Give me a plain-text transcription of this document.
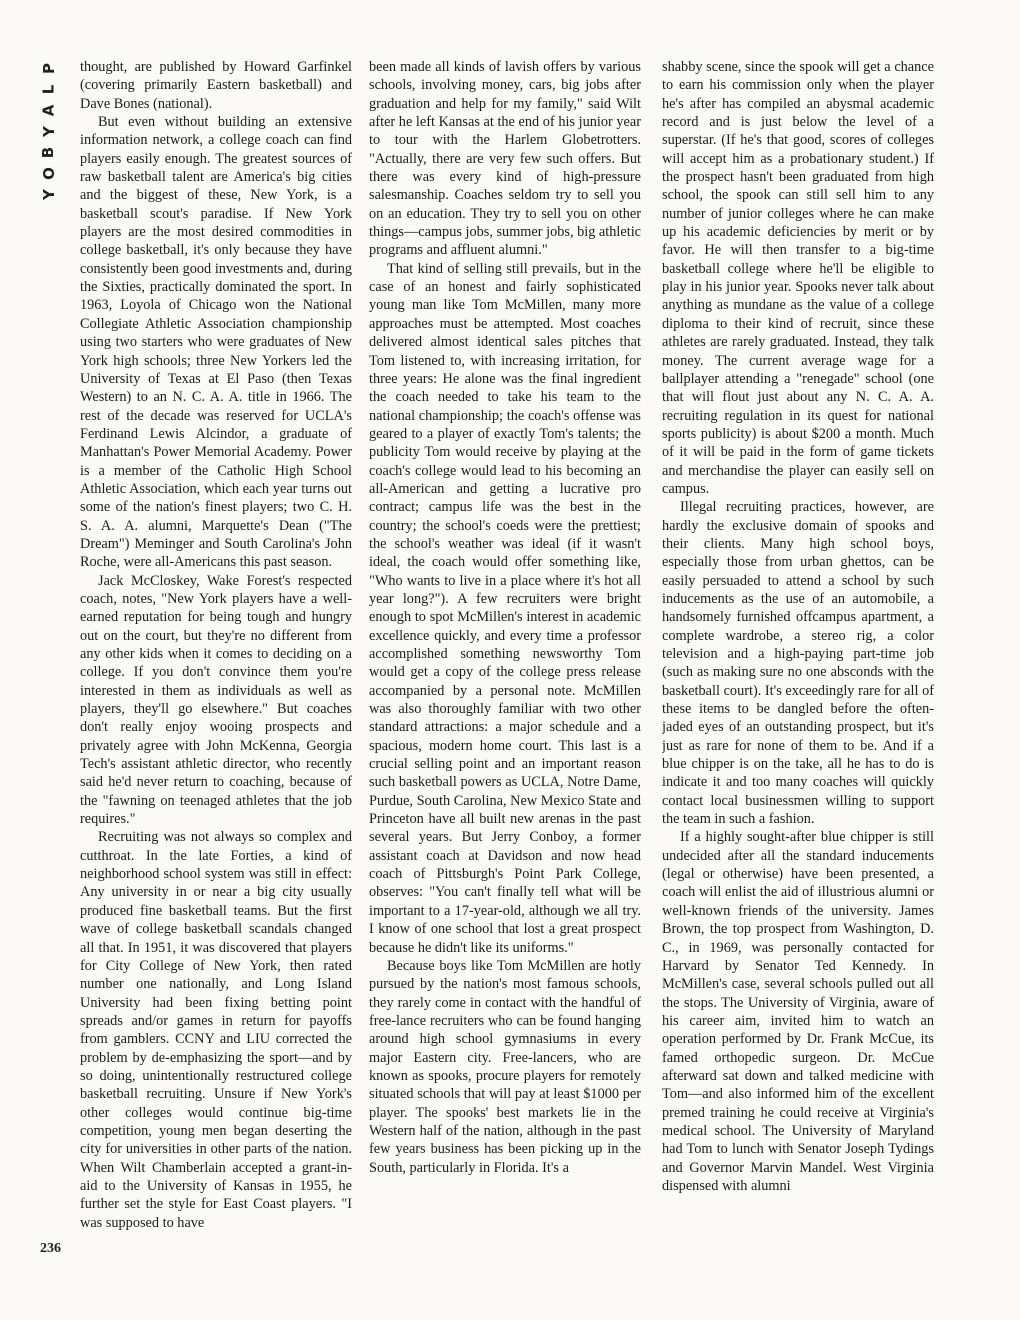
P
L
A
Y
B
O
Y

thought, are published by Howard Garfinkel (covering primarily Eastern basketball) and Dave Bones (national).

But even without building an extensive information network, a college coach can find players easily enough. The greatest sources of raw basketball talent are America's big cities and the biggest of these, New York, is a basketball scout's paradise. If New York players are the most desired commodities in college basketball, it's only because they have consistently been good investments and, during the Sixties, practically dominated the sport. In 1963, Loyola of Chicago won the National Collegiate Athletic Association championship using two starters who were graduates of New York high schools; three New Yorkers led the University of Texas at El Paso (then Texas Western) to an N. C. A. A. title in 1966. The rest of the decade was reserved for UCLA's Ferdinand Lewis Alcindor, a graduate of Manhattan's Power Memorial Academy. Power is a member of the Catholic High School Athletic Association, which each year turns out some of the nation's finest players; two C. H. S. A. A. alumni, Marquette's Dean ("The Dream") Meminger and South Carolina's John Roche, were all-Americans this past season.

Jack McCloskey, Wake Forest's respected coach, notes, "New York players have a well-earned reputation for being tough and hungry out on the court, but they're no different from any other kids when it comes to deciding on a college. If you don't convince them you're interested in them as individuals as well as players, they'll go elsewhere." But coaches don't really enjoy wooing prospects and privately agree with John McKenna, Georgia Tech's assistant athletic director, who recently said he'd never return to coaching, because of the "fawning on teenaged athletes that the job requires."

Recruiting was not always so complex and cutthroat. In the late Forties, a kind of neighborhood school system was still in effect: Any university in or near a big city usually produced fine basketball teams. But the first wave of college basketball scandals changed all that. In 1951, it was discovered that players for City College of New York, then rated number one nationally, and Long Island University had been fixing betting point spreads and/or games in return for payoffs from gamblers. CCNY and LIU corrected the problem by de-emphasizing the sport—and by so doing, unintentionally restructured college basketball recruiting. Unsure if New York's other colleges would continue big-time competition, young men began deserting the city for universities in other parts of the nation. When Wilt Chamberlain accepted a grant-in-aid to the University of Kansas in 1955, he further set the style for East Coast players. "I was supposed to have

been made all kinds of lavish offers by various schools, involving money, cars, big jobs after graduation and help for my family," said Wilt after he left Kansas at the end of his junior year to tour with the Harlem Globetrotters. "Actually, there are very few such offers. But there was every kind of high-pressure salesmanship. Coaches seldom try to sell you on an education. They try to sell you on other things—campus jobs, summer jobs, big athletic programs and affluent alumni."

That kind of selling still prevails, but in the case of an honest and fairly sophisticated young man like Tom McMillen, many more approaches must be attempted. Most coaches delivered almost identical sales pitches that Tom listened to, with increasing irritation, for three years: He alone was the final ingredient the coach needed to take his team to the national championship; the coach's offense was geared to a player of exactly Tom's talents; the publicity Tom would receive by playing at the coach's college would lead to his becoming an all-American and getting a lucrative pro contract; campus life was the best in the country; the school's coeds were the prettiest; the school's weather was ideal (if it wasn't ideal, the coach would offer something like, "Who wants to live in a place where it's hot all year long?"). A few recruiters were bright enough to spot McMillen's interest in academic excellence quickly, and every time a professor accomplished something newsworthy Tom would get a copy of the college press release accompanied by a personal note. McMillen was also thoroughly familiar with two other standard attractions: a major schedule and a spacious, modern home court. This last is a crucial selling point and an important reason such basketball powers as UCLA, Notre Dame, Purdue, South Carolina, New Mexico State and Princeton have all built new arenas in the past several years. But Jerry Conboy, a former assistant coach at Davidson and now head coach of Pittsburgh's Point Park College, observes: "You can't finally tell what will be important to a 17-year-old, although we all try. I know of one school that lost a great prospect because he didn't like its uniforms."

Because boys like Tom McMillen are hotly pursued by the nation's most famous schools, they rarely come in contact with the handful of free-lance recruiters who can be found hanging around high school gymnasiums in every major Eastern city. Free-lancers, who are known as spooks, procure players for remotely situated schools that will pay at least $1000 per player. The spooks' best markets lie in the Western half of the nation, although in the past few years business has been picking up in the South, particularly in Florida. It's a

shabby scene, since the spook will get a chance to earn his commission only when the player he's after has compiled an abysmal academic record and is just below the level of a superstar. (If he's that good, scores of colleges will accept him as a probationary student.) If the prospect hasn't been graduated from high school, the spook can still sell him to any number of junior colleges where he can make up his academic deficiencies by merit or by favor. He will then transfer to a big-time basketball college where he'll be eligible to play in his junior year. Spooks never talk about anything as mundane as the value of a college diploma to their kind of recruit, since these athletes are rarely graduated. Instead, they talk money. The current average wage for a ballplayer attending a "renegade" school (one that will flout just about any N. C. A. A. recruiting regulation in its quest for national sports publicity) is about $200 a month. Much of it will be paid in the form of game tickets and merchandise the player can easily sell on campus.

Illegal recruiting practices, however, are hardly the exclusive domain of spooks and their clients. Many high school boys, especially those from urban ghettos, can be easily persuaded to attend a school by such inducements as the use of an automobile, a handsomely furnished offcampus apartment, a complete wardrobe, a stereo rig, a color television and a high-paying part-time job (such as making sure no one absconds with the basketball court). It's exceedingly rare for all of these items to be dangled before the often-jaded eyes of an outstanding prospect, but it's just as rare for none of them to be. And if a blue chipper is on the take, all he has to do is indicate it and too many coaches will quickly contact local businessmen willing to support the team in such a fashion.

If a highly sought-after blue chipper is still undecided after all the standard inducements (legal or otherwise) have been presented, a coach will enlist the aid of illustrious alumni or well-known friends of the university. James Brown, the top prospect from Washington, D. C., in 1969, was personally contacted for Harvard by Senator Ted Kennedy. In McMillen's case, several schools pulled out all the stops. The University of Virginia, aware of his career aim, invited him to watch an operation performed by Dr. Frank McCue, its famed orthopedic surgeon. Dr. McCue afterward sat down and talked medicine with Tom—and also informed him of the excellent premed training he could receive at Virginia's medical school. The University of Maryland had Tom to lunch with Senator Joseph Tydings and Governor Marvin Mandel. West Virginia dispensed with alumni

236
